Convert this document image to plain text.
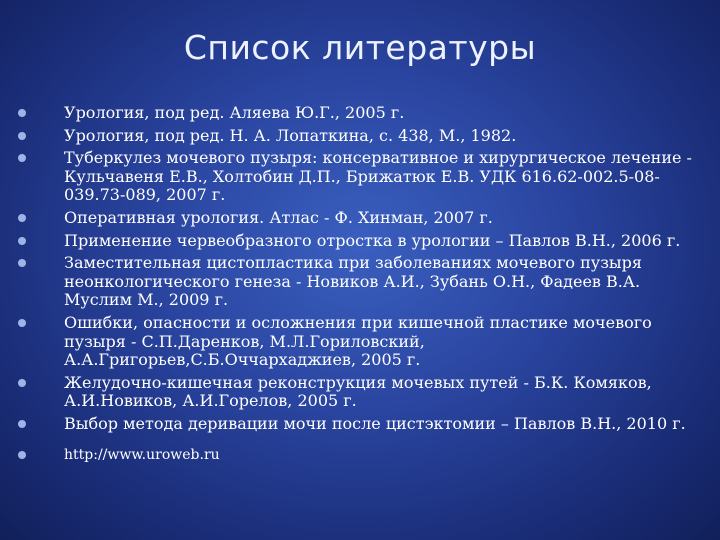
Список литературы
Урология, под ред. Аляева Ю.Г., 2005 г.
Урология, под ред. Н. А. Лопаткина, с. 438, М., 1982.
Туберкулез мочевого пузыря: консервативное и хирургическое лечение - Кульчавеня Е.В., Холтобин Д.П., Брижатюк Е.В. УДК 616.62-002.5-08-039.73-089, 2007 г.
Оперативная урология. Атлас - Ф. Хинман, 2007 г.
Применение червеобразного отростка в урологии – Павлов В.Н., 2006 г.
Заместительная цистопластика при заболеваниях мочевого пузыря неонкологического генеза - Новиков А.И., Зубань О.Н., Фадеев В.А. Муслим М., 2009 г.
Ошибки, опасности и осложнения при кишечной пластике мочевого пузыря - С.П.Даренков, М.Л.Гориловский, А.А.Григорьев,С.Б.Оччархаджиев, 2005 г.
Желудочно-кишечная реконструкция мочевых путей - Б.К. Комяков, А.И.Новиков, А.И.Горелов, 2005 г.
Выбор метода деривации мочи после цистэктомии – Павлов В.Н., 2010 г.
http://www.uroweb.ru
